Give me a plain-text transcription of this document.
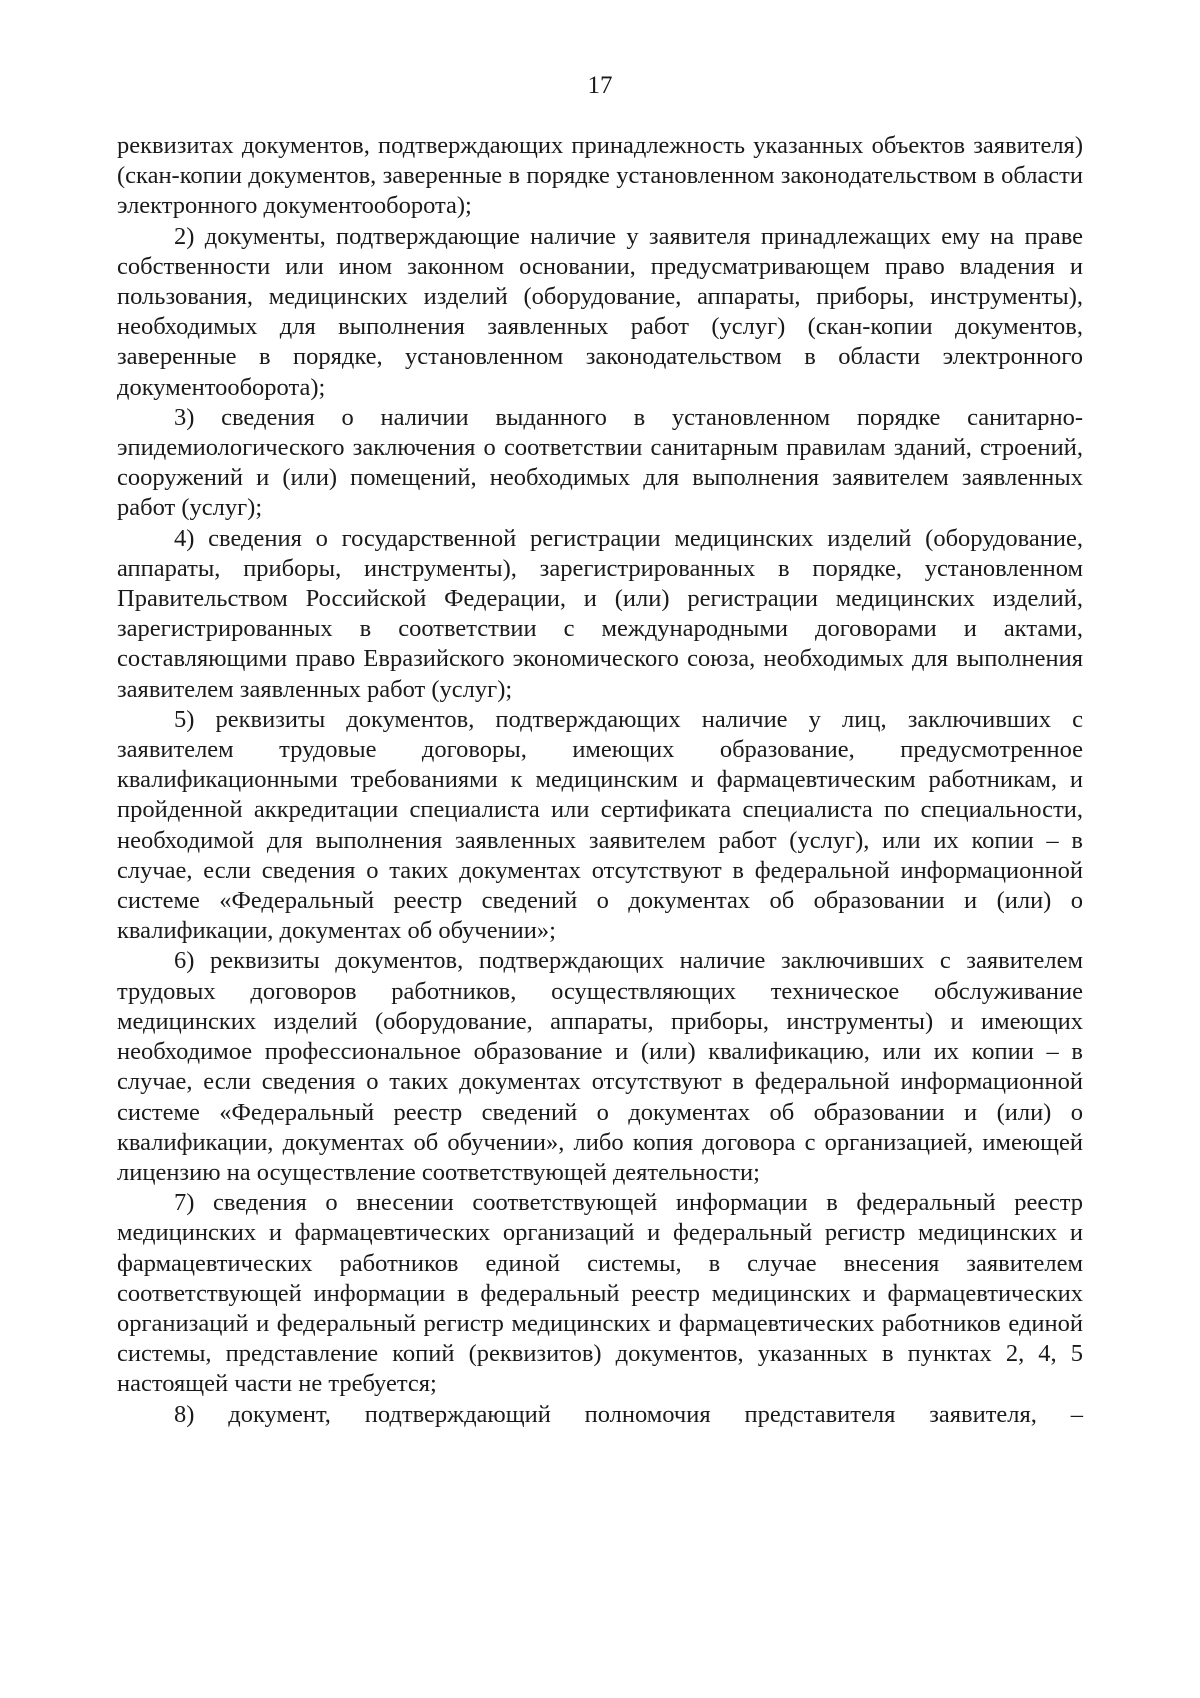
17

реквизитах документов, подтверждающих принадлежность указанных объектов заявителя) (скан-копии документов, заверенные в порядке установленном законодательством в области электронного документооборота);

2) документы, подтверждающие наличие у заявителя принадлежащих ему на праве собственности или ином законном основании, предусматривающем право владения и пользования, медицинских изделий (оборудование, аппараты, приборы, инструменты), необходимых для выполнения заявленных работ (услуг) (скан-копии документов, заверенные в порядке, установленном законодательством в области электронного документооборота);

3) сведения о наличии выданного в установленном порядке санитарно-эпидемиологического заключения о соответствии санитарным правилам зданий, строений, сооружений и (или) помещений, необходимых для выполнения заявителем заявленных работ (услуг);

4) сведения о государственной регистрации медицинских изделий (оборудование, аппараты, приборы, инструменты), зарегистрированных в порядке, установленном Правительством Российской Федерации, и (или) регистрации медицинских изделий, зарегистрированных в соответствии с международными договорами и актами, составляющими право Евразийского экономического союза, необходимых для выполнения заявителем заявленных работ (услуг);

5) реквизиты документов, подтверждающих наличие у лиц, заключивших с заявителем трудовые договоры, имеющих образование, предусмотренное квалификационными требованиями к медицинским и фармацевтическим работникам, и пройденной аккредитации специалиста или сертификата специалиста по специальности, необходимой для выполнения заявленных заявителем работ (услуг), или их копии – в случае, если сведения о таких документах отсутствуют в федеральной информационной системе «Федеральный реестр сведений о документах об образовании и (или) о квалификации, документах об обучении»;

6) реквизиты документов, подтверждающих наличие заключивших с заявителем трудовых договоров работников, осуществляющих техническое обслуживание медицинских изделий (оборудование, аппараты, приборы, инструменты) и имеющих необходимое профессиональное образование и (или) квалификацию, или их копии – в случае, если сведения о таких документах отсутствуют в федеральной информационной системе «Федеральный реестр сведений о документах об образовании и (или) о квалификации, документах об обучении», либо копия договора с организацией, имеющей лицензию на осуществление соответствующей деятельности;

7) сведения о внесении соответствующей информации в федеральный реестр медицинских и фармацевтических организаций и федеральный регистр медицинских и фармацевтических работников единой системы, в случае внесения заявителем соответствующей информации в федеральный реестр медицинских и фармацевтических организаций и федеральный регистр медицинских и фармацевтических работников единой системы, представление копий (реквизитов) документов, указанных в пунктах 2, 4, 5 настоящей части не требуется;

8) документ, подтверждающий полномочия представителя заявителя, –
